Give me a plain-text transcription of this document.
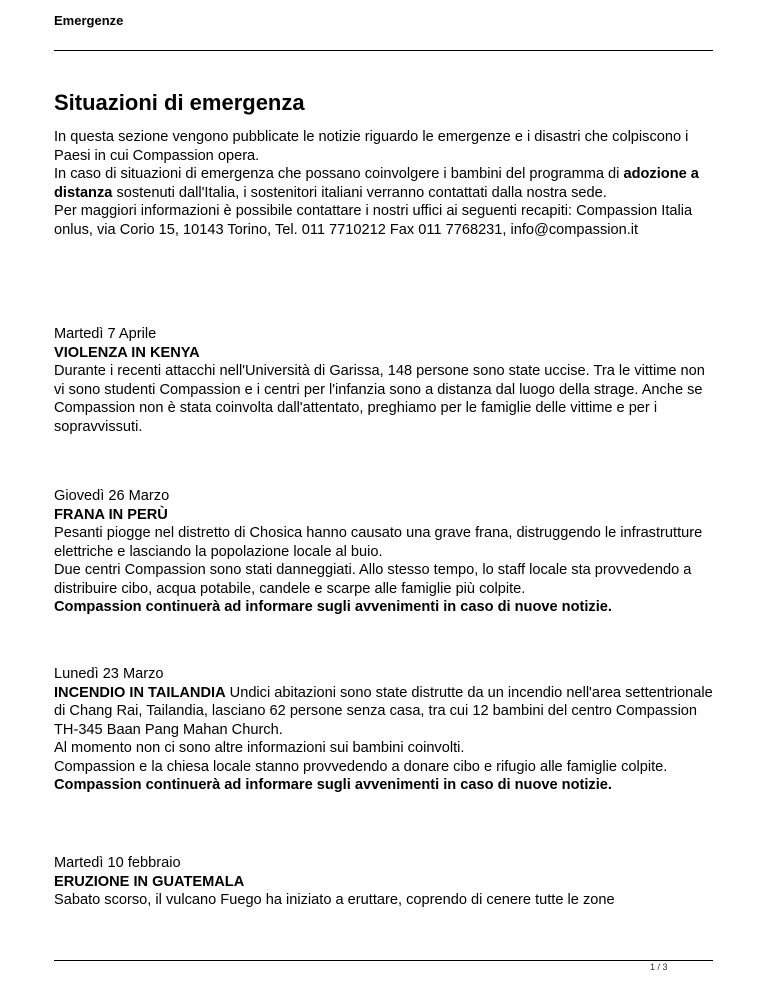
Emergenze
Situazioni di emergenza

In questa sezione vengono pubblicate le notizie riguardo le emergenze e i disastri che colpiscono i Paesi in cui Compassion opera.

In caso di situazioni di emergenza che possano coinvolgere i bambini del programma di adozione a distanza sostenuti dall'Italia, i sostenitori italiani verranno contattati dalla nostra sede.

Per maggiori informazioni è possibile contattare i nostri uffici ai seguenti recapiti: Compassion Italia onlus, via Corio 15, 10143 Torino, Tel. 011 7710212 Fax 011 7768231, info@compassion.it

Martedì 7 Aprile

VIOLENZA IN KENYA

Durante i recenti attacchi nell'Università di Garissa, 148 persone sono state uccise. Tra le vittime non vi sono studenti Compassion e i centri per l'infanzia sono a distanza dal luogo della strage. Anche se Compassion non è stata coinvolta dall'attentato, preghiamo per le famiglie delle vittime e per i sopravvissuti.

Giovedì 26 Marzo

FRANA IN PERÙ

Pesanti piogge nel distretto di Chosica hanno causato una grave frana, distruggendo le infrastrutture elettriche e lasciando la popolazione locale al buio.

Due centri Compassion sono stati danneggiati. Allo stesso tempo, lo staff locale sta provvedendo a distribuire cibo, acqua potabile, candele e scarpe alle famiglie più colpite.

Compassion continuerà ad informare sugli avvenimenti in caso di nuove notizie.

Lunedì 23 Marzo

INCENDIO IN TAILANDIA Undici abitazioni sono state distrutte da un incendio nell'area settentrionale di Chang Rai, Tailandia, lasciano 62 persone senza casa, tra cui 12 bambini del centro Compassion TH-345 Baan Pang Mahan Church.

Al momento non ci sono altre informazioni sui bambini coinvolti.

Compassion e la chiesa locale stanno provvedendo a donare cibo e rifugio alle famiglie colpite.

Compassion continuerà ad informare sugli avvenimenti in caso di nuove notizie.

Martedì 10 febbraio

ERUZIONE IN GUATEMALA

Sabato scorso, il vulcano Fuego ha iniziato a eruttare, coprendo di cenere tutte le zone

1 / 3
